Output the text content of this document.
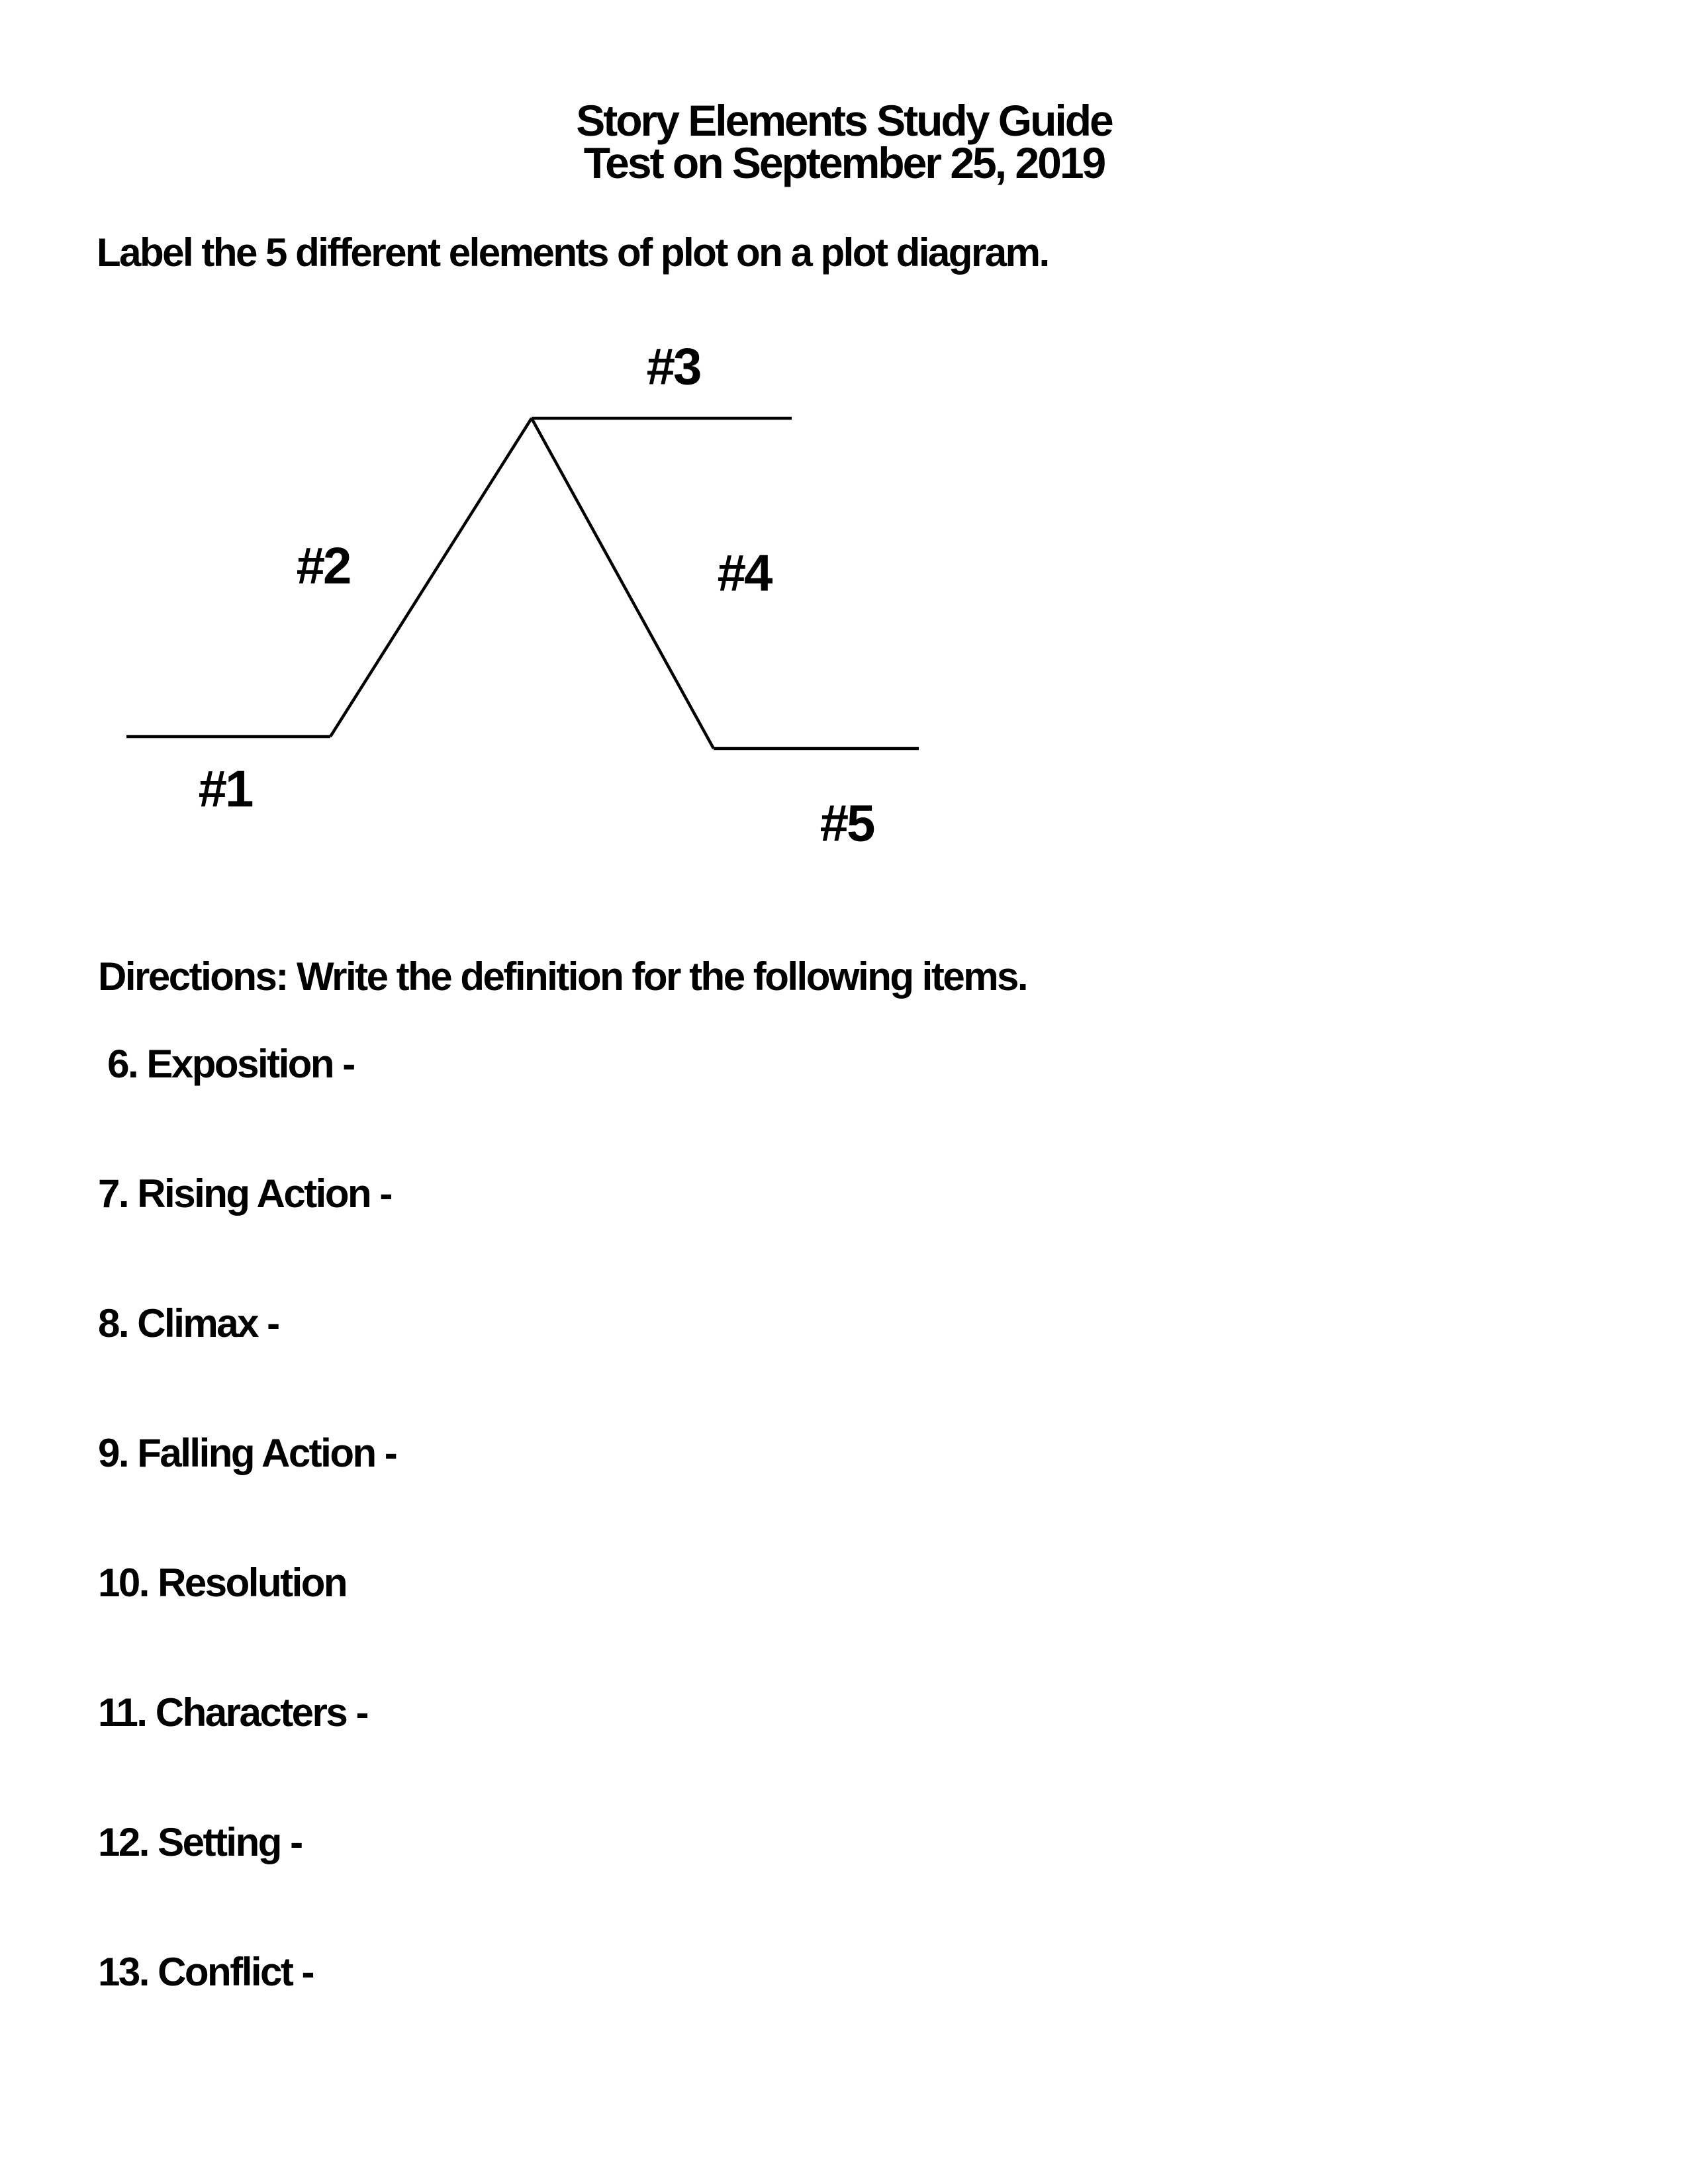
Story Elements Study Guide
Test on September 25, 2019
Label the 5 different elements of plot on a plot diagram.
#1
#2
#3
#4
#5
Directions: Write the definition for the following items.
6. Exposition -
7. Rising Action -
8. Climax -
9. Falling Action -
10. Resolution
11. Characters -
12. Setting -
13. Conflict -
